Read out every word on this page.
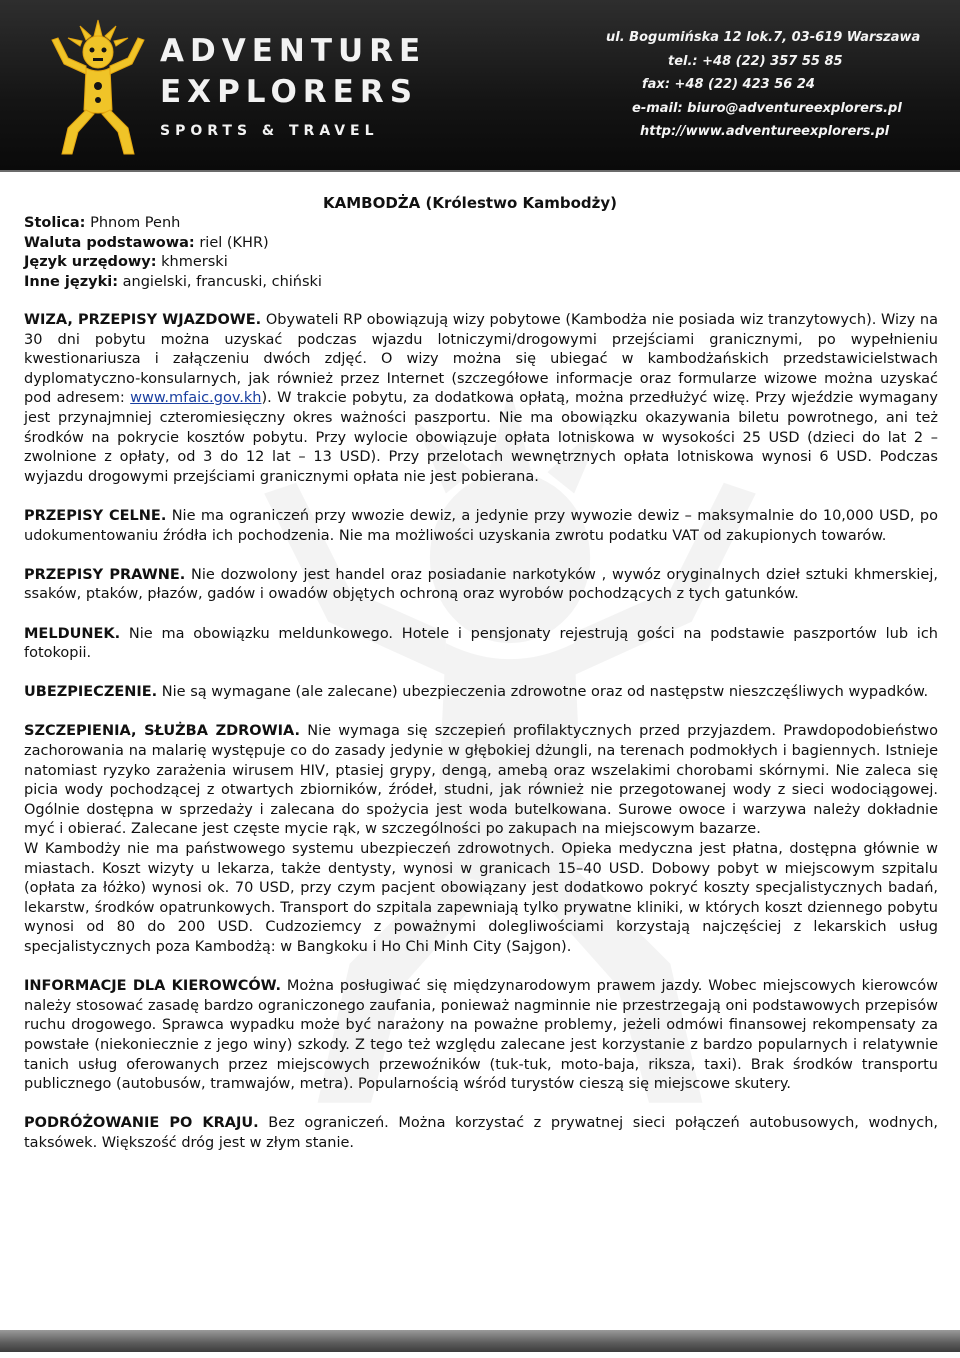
ADVENTURE
EXPLORERS
SPORTS & TRAVEL
ul. Bogumińska 12 lok.7, 03-619 Warszawa
tel.: +48 (22) 357 55 85
fax: +48 (22) 423 56 24
e-mail: biuro@adventureexplorers.pl
http://www.adventureexplorers.pl
KAMBODŻA (Królestwo Kambodży)
Stolica: Phnom Penh
Waluta podstawowa: riel (KHR)
Język urzędowy: khmerski
Inne języki: angielski, francuski, chiński

WIZA, PRZEPISY WJAZDOWE. Obywateli RP obowiązują wizy pobytowe (Kambodża nie posiada wiz tranzytowych). Wizy na 30 dni pobytu można uzyskać podczas wjazdu lotniczymi/drogowymi przejściami granicznymi, po wypełnieniu kwestionariusza i załączeniu dwóch zdjęć. O wizy można się ubiegać w kambodżańskich przedstawicielstwach dyplomatyczno-konsularnych, jak również przez Internet (szczegółowe informacje oraz formularze wizowe można uzyskać pod adresem: www.mfaic.gov.kh). W trakcie pobytu, za dodatkowa opłatą, można przedłużyć wizę. Przy wjeździe wymagany jest przynajmniej czteromiesięczny okres ważności paszportu. Nie ma obowiązku okazywania biletu powrotnego, ani też środków na pokrycie kosztów pobytu. Przy wylocie obowiązuje opłata lotniskowa w wysokości 25 USD (dzieci do lat 2 – zwolnione z opłaty, od 3 do 12 lat – 13 USD). Przy przelotach wewnętrznych opłata lotniskowa wynosi 6 USD. Podczas wyjazdu drogowymi przejściami granicznymi opłata nie jest pobierana.

PRZEPISY CELNE. Nie ma ograniczeń przy wwozie dewiz, a jedynie przy wywozie dewiz – maksymalnie do 10,000 USD, po udokumentowaniu źródła ich pochodzenia. Nie ma możliwości uzyskania zwrotu podatku VAT od zakupionych towarów.

PRZEPISY PRAWNE. Nie dozwolony jest handel oraz posiadanie narkotyków , wywóz oryginalnych dzieł sztuki khmerskiej, ssaków, ptaków, płazów, gadów i owadów objętych ochroną oraz wyrobów pochodzących z tych gatunków.

MELDUNEK. Nie ma obowiązku meldunkowego. Hotele i pensjonaty rejestrują gości na podstawie paszportów lub ich fotokopii.

UBEZPIECZENIE. Nie są wymagane (ale zalecane) ubezpieczenia zdrowotne oraz od następstw nieszczęśliwych wypadków.

SZCZEPIENIA, SŁUŻBA ZDROWIA. Nie wymaga się szczepień profilaktycznych przed przyjazdem. Prawdopodobieństwo zachorowania na malarię występuje co do zasady jedynie w głębokiej dżungli, na terenach podmokłych i bagiennych. Istnieje natomiast ryzyko zarażenia wirusem HIV, ptasiej grypy, dengą, amebą oraz wszelakimi chorobami skórnymi. Nie zaleca się picia wody pochodzącej z otwartych zbiorników, źródeł, studni, jak również nie przegotowanej wody z sieci wodociągowej. Ogólnie dostępna w sprzedaży i zalecana do spożycia jest woda butelkowana. Surowe owoce i warzywa należy dokładnie myć i obierać. Zalecane jest częste mycie rąk, w szczególności po zakupach na miejscowym bazarze.

W Kambodży nie ma państwowego systemu ubezpieczeń zdrowotnych. Opieka medyczna jest płatna, dostępna głównie w miastach. Koszt wizyty u lekarza, także dentysty, wynosi w granicach 15–40 USD. Dobowy pobyt w miejscowym szpitalu (opłata za łóżko) wynosi ok. 70 USD, przy czym pacjent obowiązany jest dodatkowo pokryć koszty specjalistycznych badań, lekarstw, środków opatrunkowych. Transport do szpitala zapewniają tylko prywatne kliniki, w których koszt dziennego pobytu wynosi od 80 do 200 USD. Cudzoziemcy z poważnymi dolegliwościami korzystają najczęściej z lekarskich usług specjalistycznych poza Kambodżą: w Bangkoku i Ho Chi Minh City (Sajgon).

INFORMACJE DLA KIEROWCÓW. Można posługiwać się międzynarodowym prawem jazdy. Wobec miejscowych kierowców należy stosować zasadę bardzo ograniczonego zaufania, ponieważ nagminnie nie przestrzegają oni podstawowych przepisów ruchu drogowego. Sprawca wypadku może być narażony na poważne problemy, jeżeli odmówi finansowej rekompensaty za powstałe (niekoniecznie z jego winy) szkody. Z tego też względu zalecane jest korzystanie z bardzo popularnych i relatywnie tanich usług oferowanych przez miejscowych przewoźników (tuk-tuk, moto-baja, riksza, taxi). Brak środków transportu publicznego (autobusów, tramwajów, metra). Popularnością wśród turystów cieszą się miejscowe skutery.

PODRÓŻOWANIE PO KRAJU. Bez ograniczeń. Można korzystać z prywatnej sieci połączeń autobusowych, wodnych, taksówek. Większość dróg jest w złym stanie.
